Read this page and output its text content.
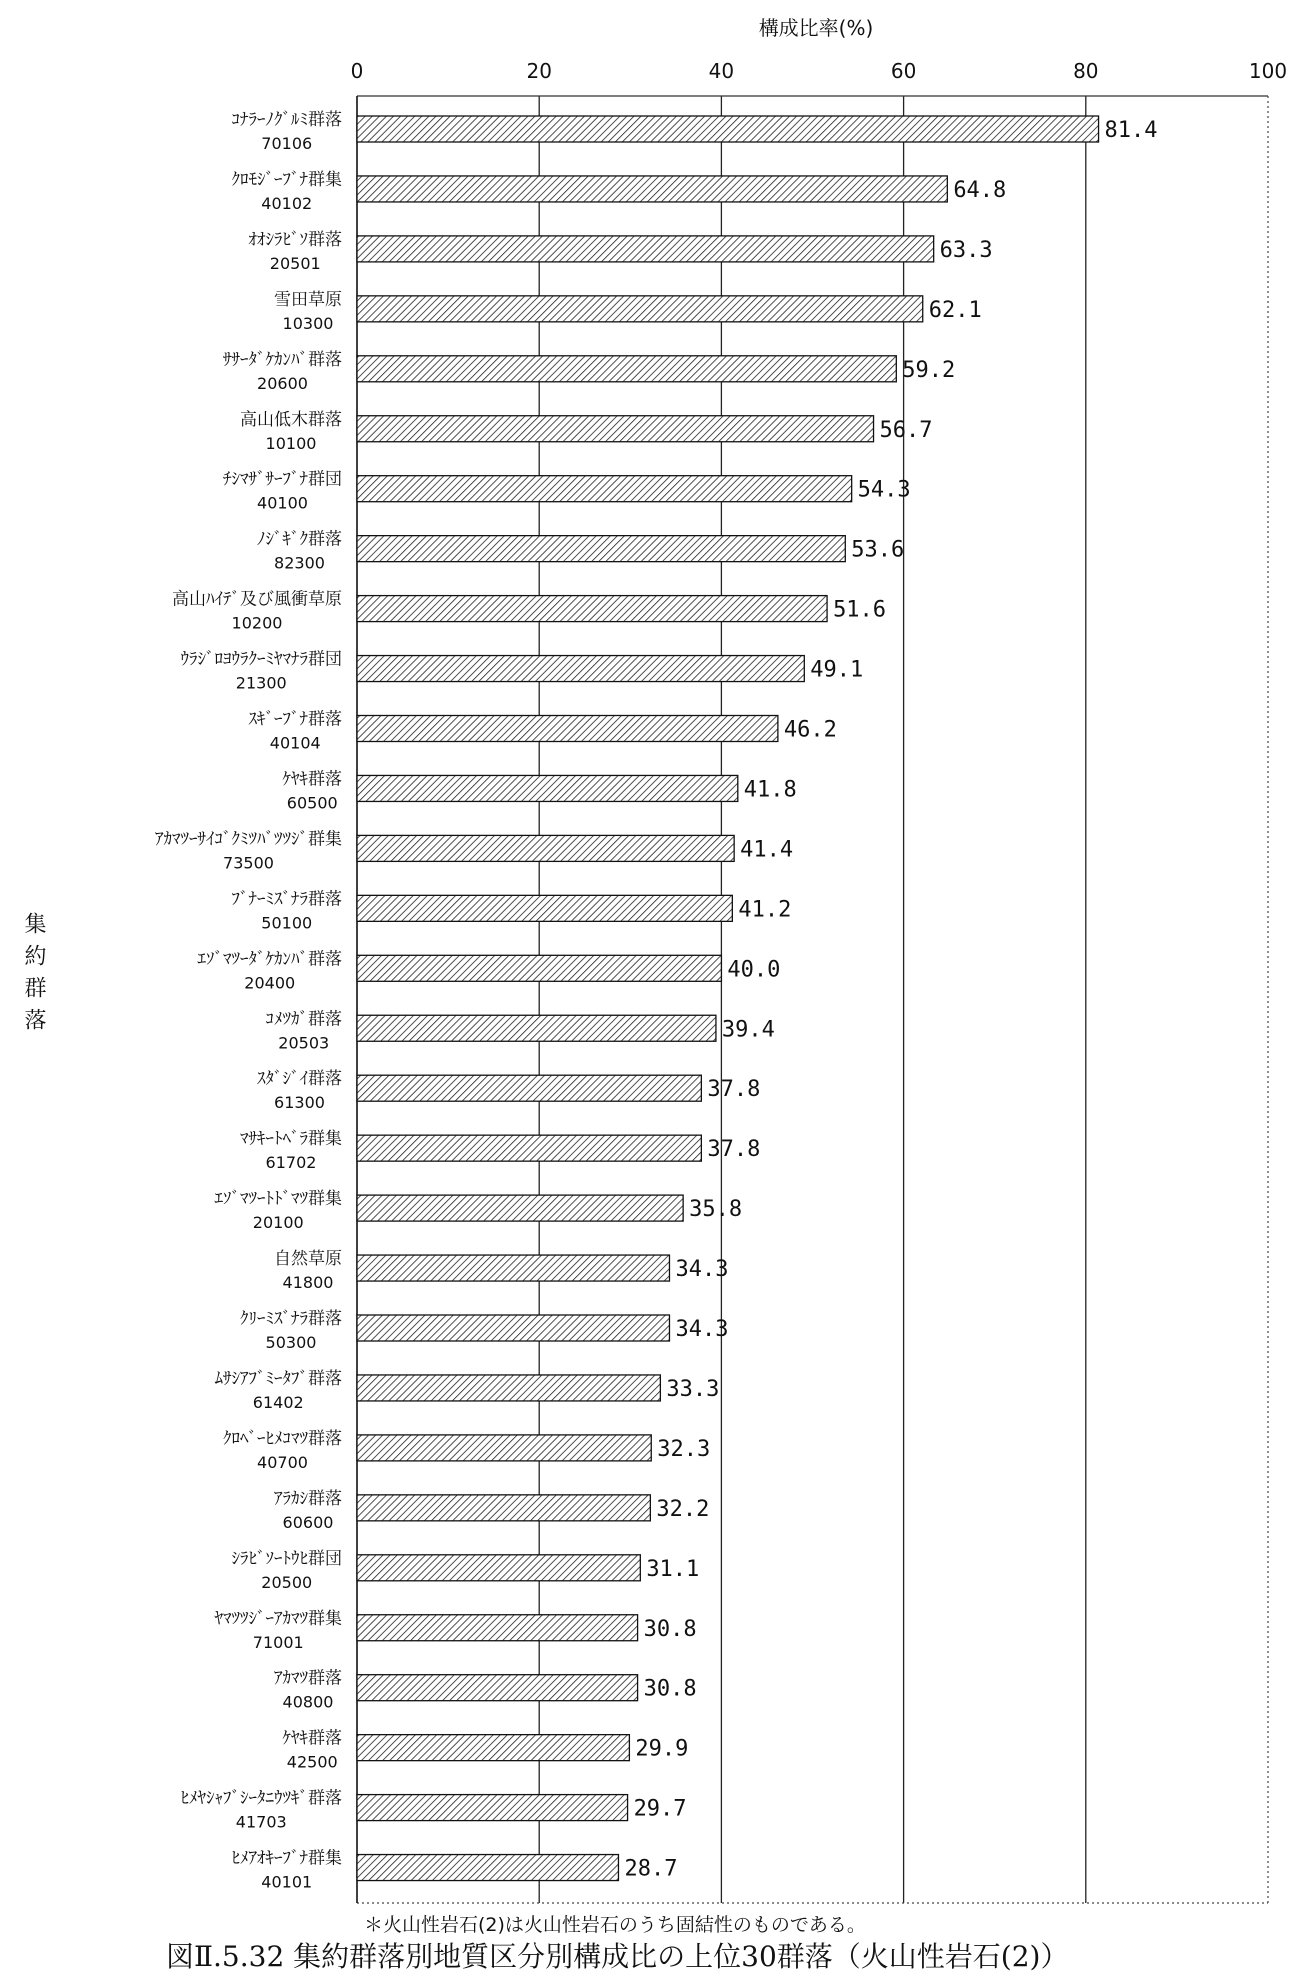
0	20	40	60	80	100
81.4
ｺﾅﾗｰﾉｸﾞﾙﾐ群落
70106
64.8
ｸﾛﾓｼﾞｰﾌﾞﾅ群集
40102
63.3
ｵｵｼﾗﾋﾞｿ群落
20501
62.1
雪田草原
10300
59.2
ｻｻｰﾀﾞｹｶﾝﾊﾞ群落
20600
56.7
高山低木群落
10100
54.3
ﾁｼﾏｻﾞｻｰﾌﾞﾅ群団
40100
53.6
ﾉｼﾞｷﾞｸ群落
82300
51.6
高山ﾊｲﾃﾞ及び風衝草原
10200
49.1
ｳﾗｼﾞﾛﾖｳﾗｸｰﾐﾔﾏﾅﾗ群団
21300
46.2
ｽｷﾞｰﾌﾞﾅ群落
40104
41.8
ｹﾔｷ群落
60500
41.4
ｱｶﾏﾂｰｻｲｺﾞｸﾐﾂﾊﾞﾂﾂｼﾞ群集
73500
41.2
ﾌﾞﾅｰﾐｽﾞﾅﾗ群落
50100
40.0
ｴｿﾞﾏﾂｰﾀﾞｹｶﾝﾊﾞ群落
20400
39.4
ｺﾒﾂｶﾞ群落
20503
37.8
ｽﾀﾞｼﾞｲ群落
61300
37.8
ﾏｻｷｰﾄﾍﾞﾗ群集
61702
35.8
ｴｿﾞﾏﾂｰﾄﾄﾞﾏﾂ群集
20100
34.3
自然草原
41800
34.3
ｸﾘｰﾐｽﾞﾅﾗ群落
50300
33.3
ﾑｻｼｱﾌﾞﾐｰﾀﾌﾞ群落
61402
32.3
ｸﾛﾍﾞｰﾋﾒｺﾏﾂ群落
40700
32.2
ｱﾗｶｼ群落
60600
31.1
ｼﾗﾋﾞｿｰﾄｳﾋ群団
20500
30.8
ﾔﾏﾂﾂｼﾞｰｱｶﾏﾂ群集
71001
30.8
ｱｶﾏﾂ群落
40800
29.9
ｹﾔｷ群落
42500
29.7
ﾋﾒﾔｼｬﾌﾞｼｰﾀﾆｳﾂｷﾞ群落
41703
28.7
ﾋﾒｱｵｷｰﾌﾞﾅ群集
40101
構成比率(%)
集約群落
＊火山性岩石(2)は火山性岩石のうち固結性のものである。
図Ⅱ.5.32 集約群落別地質区分別構成比の上位30群落（火山性岩石(2)）
